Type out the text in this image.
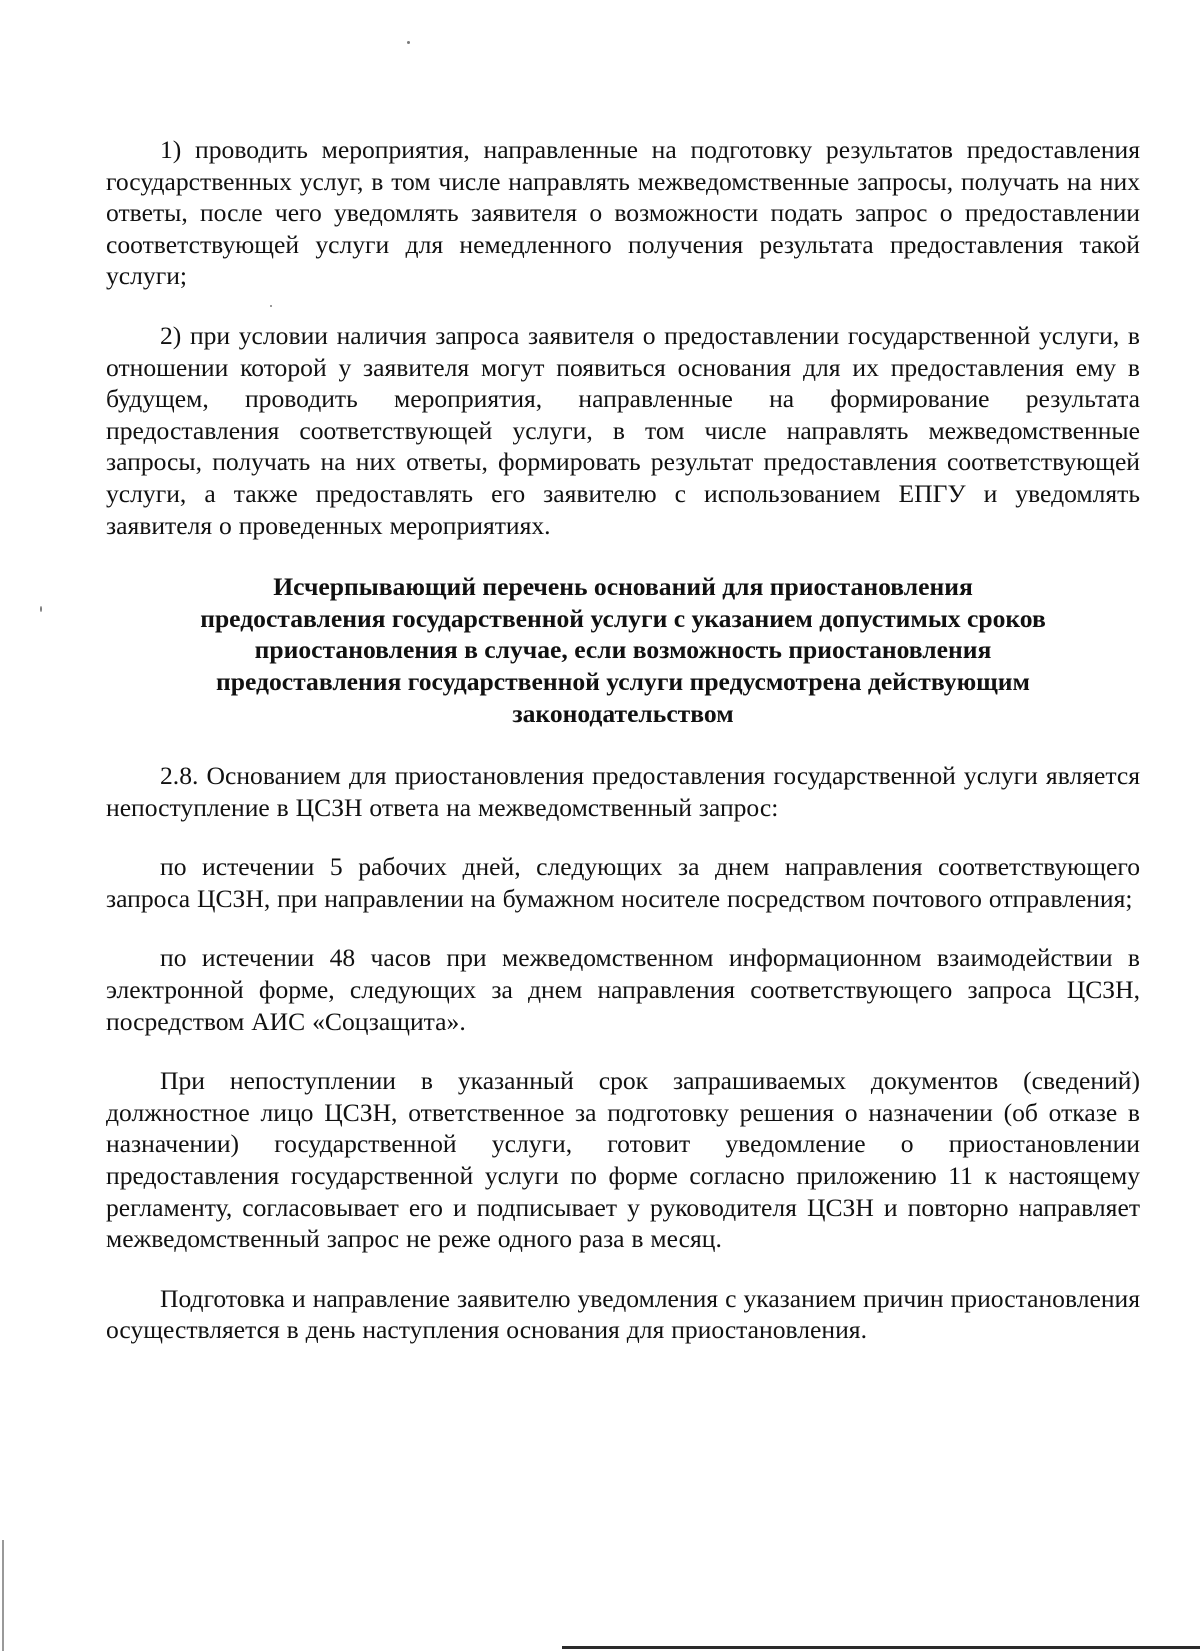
1) проводить мероприятия, направленные на подготовку результатов предоставления государственных услуг, в том числе направлять межведомственные запросы, получать на них ответы, после чего уведомлять заявителя о возможности подать запрос о предоставлении соответствующей услуги для немедленного получения результата предоставления такой услуги;

2) при условии наличия запроса заявителя о предоставлении государственной услуги, в отношении которой у заявителя могут появиться основания для их предоставления ему в будущем, проводить мероприятия, направленные на формирование результата предоставления соответствующей услуги, в том числе направлять межведомственные запросы, получать на них ответы, формировать результат предоставления соответствующей услуги, а также предоставлять его заявителю с использованием ЕПГУ и уведомлять заявителя о проведенных мероприятиях.

Исчерпывающий перечень оснований для приостановления предоставления государственной услуги с указанием допустимых сроков приостановления в случае, если возможность приостановления предоставления государственной услуги предусмотрена действующим законодательством

2.8. Основанием для приостановления предоставления государственной услуги является непоступление в ЦСЗН ответа на межведомственный запрос:

по истечении 5 рабочих дней, следующих за днем направления соответствующего запроса ЦСЗН, при направлении на бумажном носителе посредством почтового отправления;

по истечении 48 часов при межведомственном информационном взаимодействии в электронной форме, следующих за днем направления соответствующего запроса ЦСЗН, посредством АИС «Соцзащита».

При непоступлении в указанный срок запрашиваемых документов (сведений) должностное лицо ЦСЗН, ответственное за подготовку решения о назначении (об отказе в назначении) государственной услуги, готовит уведомление о приостановлении предоставления государственной услуги по форме согласно приложению 11 к настоящему регламенту, согласовывает его и подписывает у руководителя ЦСЗН и повторно направляет межведомственный запрос не реже одного раза в месяц.

Подготовка и направление заявителю уведомления с указанием причин приостановления осуществляется в день наступления основания для приостановления.
